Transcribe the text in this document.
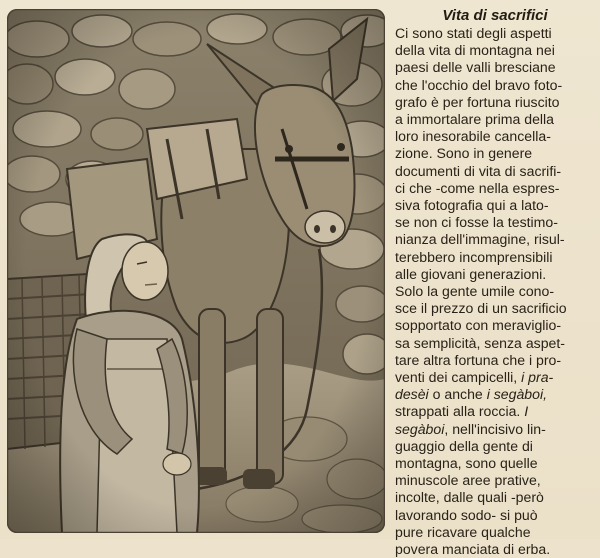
Vita di sacrifici

Ci sono stati degli aspetti
della vita di montagna nei
paesi delle valli bresciane
che l'occhio del bravo foto-
grafo è per fortuna riuscito
a immortalare prima della
loro inesorabile cancella-
zione. Sono in genere
documenti di vita di sacrifi-
ci che -come nella espres-
siva fotografia qui a lato-
se non ci fosse la testimo-
nianza dell'immagine, risul-
terebbero incomprensibili
alle giovani generazioni.
Solo la gente umile cono-
sce il prezzo di un sacrificio
sopportato con meraviglio-
sa semplicità, senza aspet-
tare altra fortuna che i pro-
venti dei campicelli, i pra-
desèi o anche i segàboi,
strappati alla roccia. I
segàboi, nell'incisivo lin-
guaggio della gente di
montagna, sono quelle
minuscole aree prative,
incolte, dalle quali -però
lavorando sodo- si può
pure ricavare qualche
povera manciata di erba.
